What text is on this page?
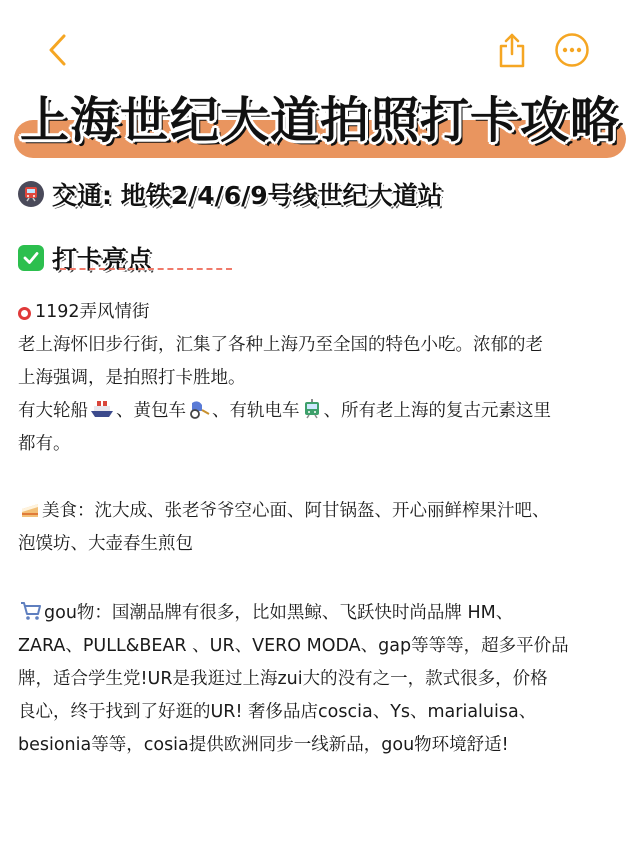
上海世纪大道拍照打卡攻略
交通: 地铁2/4/6/9号线世纪大道站
打卡亮点
1192弄风情街
老上海怀旧步行街，汇集了各种上海乃至全国的特色小吃。浓郁的老
上海强调，是拍照打卡胜地。
有大轮船 、黄包车 、有轨电车 、所有老上海的复古元素这里
都有。
美食：沈大成、张老爷爷空心面、阿甘锅盔、开心丽鲜榨果汁吧、
泡馍坊、大壶春生煎包
gou物：国潮品牌有很多，比如黑鲸、飞跃快时尚品牌 HM、
ZARA、PULL&BEAR 、UR、VERO MODA、gap等等等，超多平价品
牌，适合学生党!UR是我逛过上海zui大的没有之一，款式很多，价格
良心，终于找到了好逛的UR! 奢侈品店coscia、Ys、marialuisa、
besionia等等，cosia提供欧洲同步一线新品，gou物环境舒适!
